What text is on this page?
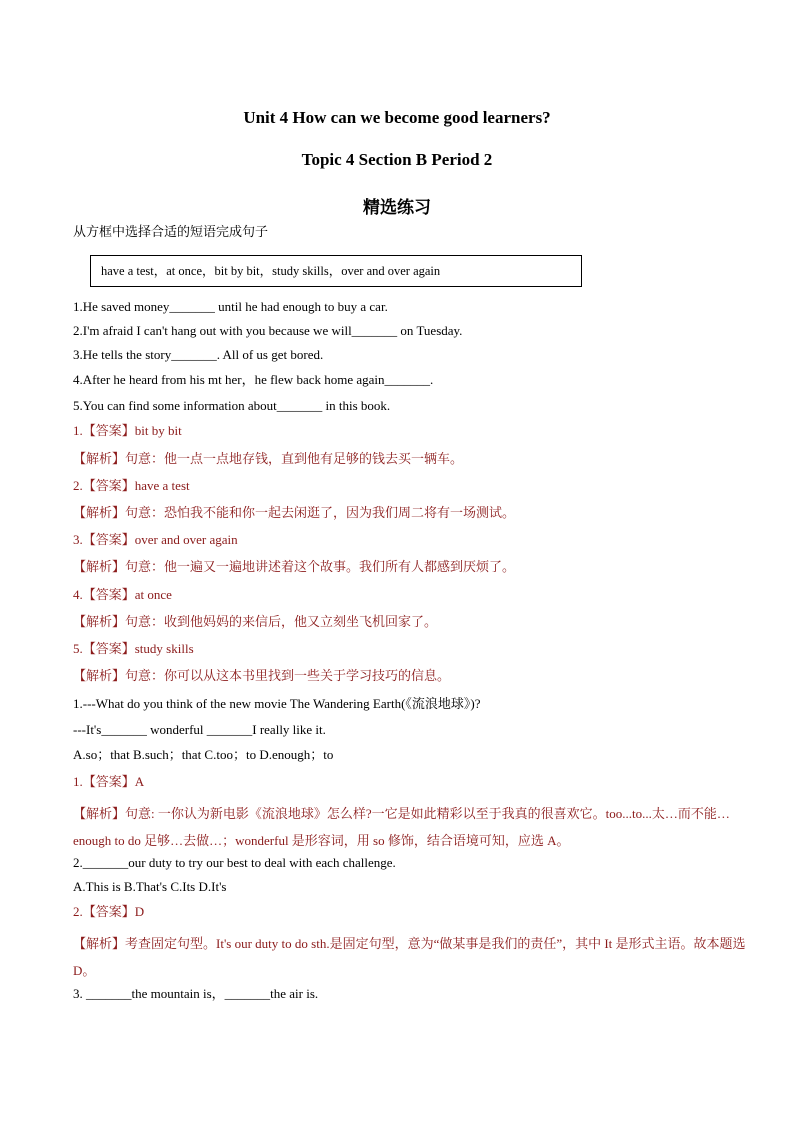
Unit 4 How can we become good learners?
Topic 4 Section B Period 2
精选练习
从方框中选择合适的短语完成句子
have a test，at once，bit by bit，study skills，over and over again
1.He saved money_______ until he had enough to buy a car.
2.I'm afraid I can't hang out with you because we will_______ on Tuesday.
3.He tells the story_______. All of us get bored.
4.After he heard from his mt her，he flew back home again_______.
5.You can find some information about_______ in this book.
1.【答案】bit by bit
【解析】句意：他一点一点地存钱，直到他有足够的钱去买一辆车。
2.【答案】have a test
【解析】句意：恐怕我不能和你一起去闲逛了，因为我们周二将有一场测试。
3.【答案】over and over again
【解析】句意：他一遍又一遍地讲述着这个故事。我们所有人都感到厌烦了。
4.【答案】at once
【解析】句意：收到他妈妈的来信后，他又立刻坐飞机回家了。
5.【答案】study skills
【解析】句意：你可以从这本书里找到一些关于学习技巧的信息。
1.---What do you think of the new movie The Wandering Earth(《流浪地球》)?
---It's_______ wonderful _______I really like it.
A.so；that B.such；that C.too；to D.enough；to
1.【答案】A
【解析】句意: 一你认为新电影《流浪地球》怎么样?一它是如此精彩以至于我真的很喜欢它。too...to...太…而不能…enough to do 足够…去做…；wonderful 是形容词，用 so 修饰，结合语境可知，应选 A。
2._______our duty to try our best to deal with each challenge.
A.This is B.That's C.Its D.It's
2.【答案】D
【解析】考查固定句型。It's our duty to do sth.是固定句型，意为“做某事是我们的责任”，其中 It 是形式主语。故本题选 D。
3. _______the mountain is，_______the air is.
